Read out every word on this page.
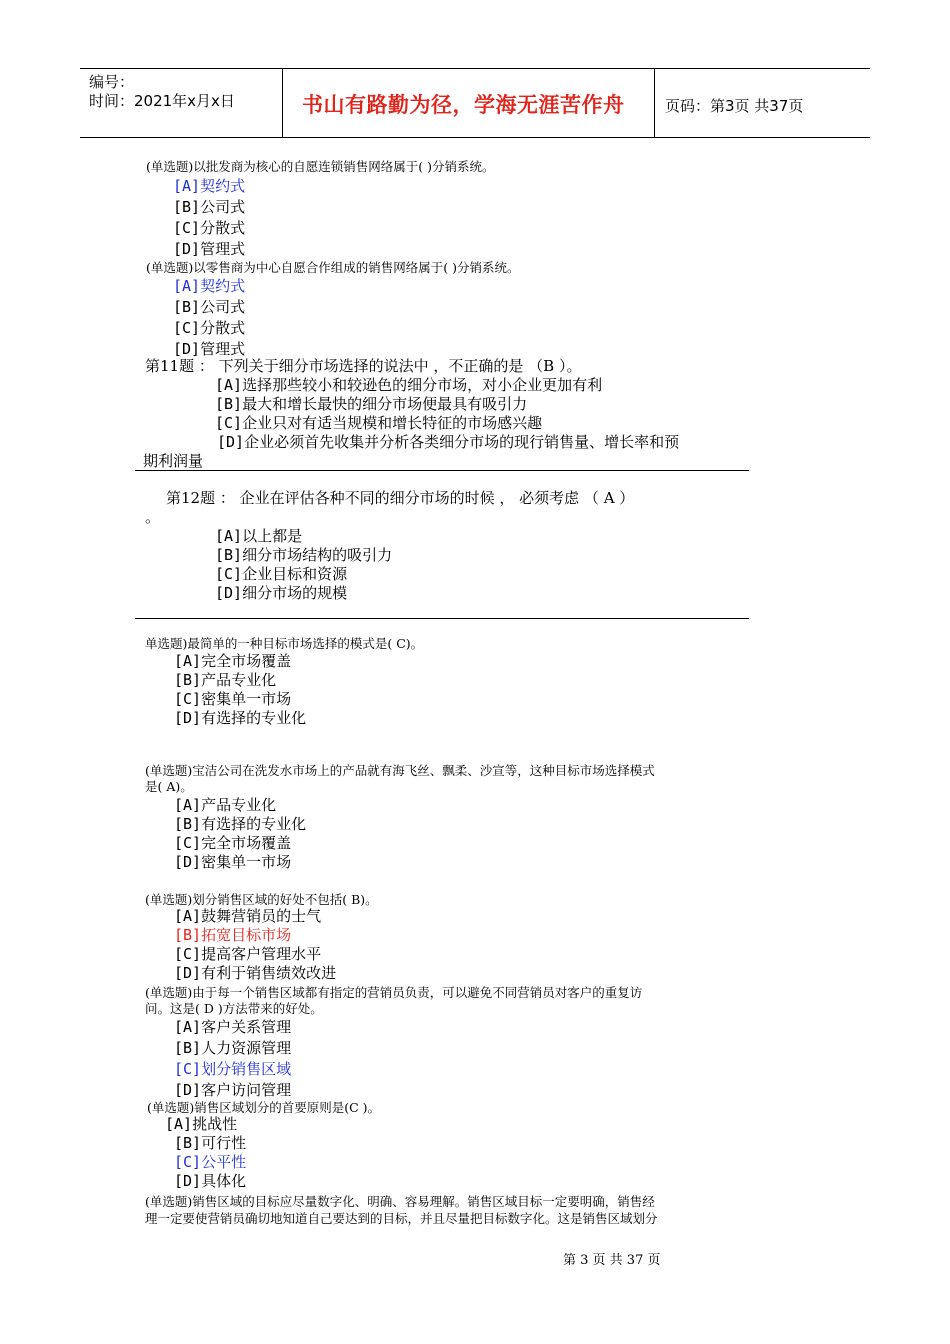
编号：
时间：2021年x月x日	书山有路勤为径，学海无涯苦作舟	页码：第3页 共37页
(单选题)以批发商为核心的自愿连锁销售网络属于( )分销系统。
[A]契约式
[B]公司式
[C]分散式
[D]管理式
(单选题)以零售商为中心自愿合作组成的销售网络属于( )分销系统。
[A]契约式
[B]公司式
[C]分散式
[D]管理式
第11题 ： 下列关于细分市场选择的说法中 ，不正确的是 （B ）。
[A]选择那些较小和较逊色的细分市场，对小企业更加有利
[B]最大和增长最快的细分市场便最具有吸引力
[C]企业只对有适当规模和增长特征的市场感兴趣
[D]企业必须首先收集并分析各类细分市场的现行销售量、增长率和预
期利润量
第12题 ： 企业在评估各种不同的细分市场的时候 ， 必须考虑 （ A ）
。
[A]以上都是
[B]细分市场结构的吸引力
[C]企业目标和资源
[D]细分市场的规模
单选题)最简单的一种目标市场选择的模式是( C)。
[A]完全市场覆盖
[B]产品专业化
[C]密集单一市场
[D]有选择的专业化
(单选题)宝洁公司在洗发水市场上的产品就有海飞丝、飘柔、沙宣等，这种目标市场选择模式
是( A)。
[A]产品专业化
[B]有选择的专业化
[C]完全市场覆盖
[D]密集单一市场
(单选题)划分销售区域的好处不包括( B)。
[A]鼓舞营销员的士气
[B]拓宽目标市场
[C]提高客户管理水平
[D]有利于销售绩效改进
(单选题)由于每一个销售区域都有指定的营销员负责，可以避免不同营销员对客户的重复访
问。这是( D )方法带来的好处。
[A]客户关系管理
[B]人力资源管理
[C]划分销售区域
[D]客户访问管理
(单选题)销售区域划分的首要原则是(C )。
[A]挑战性
[B]可行性
[C]公平性
[D]具体化
(单选题)销售区域的目标应尽量数字化、明确、容易理解。销售区域目标一定要明确，销售经
理一定要使营销员确切地知道自己要达到的目标，并且尽量把目标数字化。这是销售区域划分
第 3 页 共 37 页
